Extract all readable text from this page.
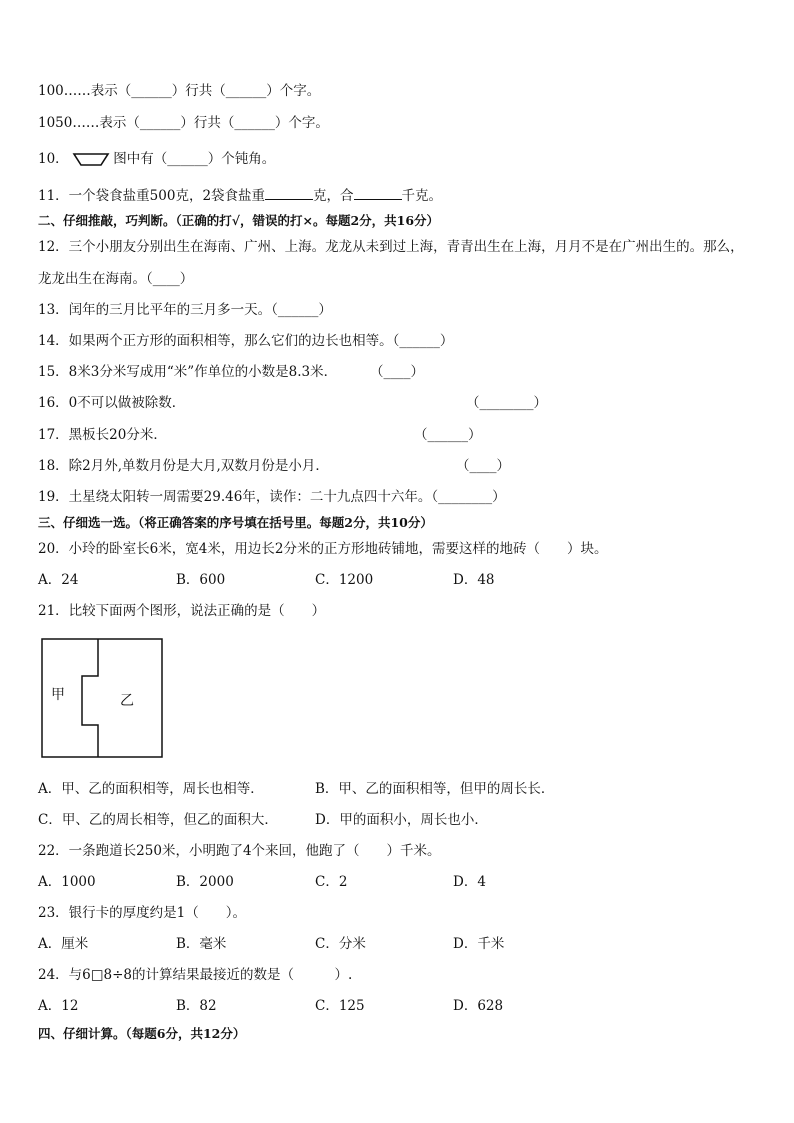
100……表示（______）行共（______）个字。
1050……表示（______）行共（______）个字。
10．	图中有（______）个钝角。
11．一个袋食盐重500克，2袋食盐重	克，合	千克。
二、仔细推敲，巧判断。（正确的打√，错误的打×。每题2分，共16分）
12．三个小朋友分别出生在海南、广州、上海。龙龙从未到过上海，青青出生在上海，月月不是在广州出生的。那么，
龙龙出生在海南。（____）
13．闰年的三月比平年的三月多一天。（______）
14．如果两个正方形的面积相等，那么它们的边长也相等。（______）
15．8米3分米写成用“米”作单位的小数是8.3米． （____）
16．0不可以做被除数．	（________）
17．黑板长20分米．	（______）
18．除2月外,单数月份是大月,双数月份是小月．	（____）
19．土星绕太阳转一周需要29.46年，读作：二十九点四十六年。（________）
三、仔细选一选。（将正确答案的序号填在括号里。每题2分，共10分）
20．小玲的卧室长6米，宽4米，用边长2分米的正方形地砖铺地，需要这样的地砖（　　）块。
A．24	B．600	C．1200	D．48
21．比较下面两个图形，说法正确的是（　　）
甲	乙
A．甲、乙的面积相等，周长也相等．	B．甲、乙的面积相等，但甲的周长长．
C．甲、乙的周长相等，但乙的面积大．	D．甲的面积小，周长也小．
22．一条跑道长250米，小明跑了4个来回，他跑了（　　）千米。
A．1000	B．2000	C．2	D．4
23．银行卡的厚度约是1（　　）。
A．厘米	B．毫米	C．分米	D．千米
24．与6□8÷8的计算结果最接近的数是（　　　）.
A．12	B．82	C．125	D．628
四、仔细计算。（每题6分，共12分）
